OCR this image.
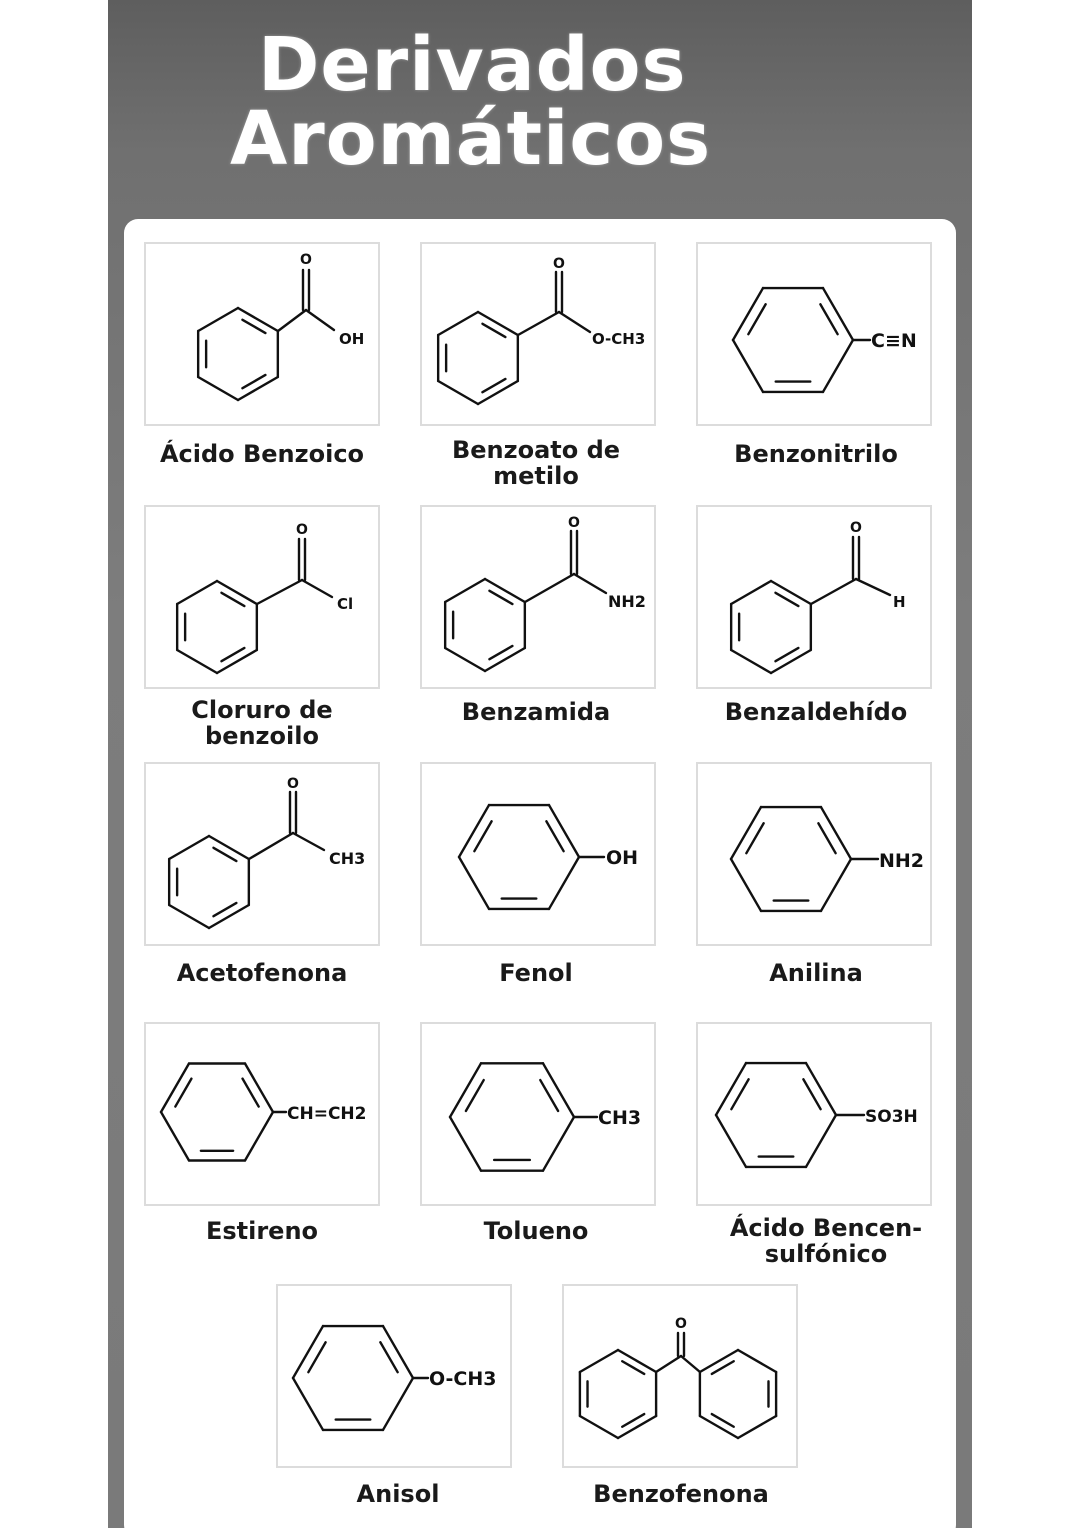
Derivados
Aromáticos
O
OH
Ácido Benzoico
O
O-CH3
Benzoato de
metilo
C≡N
Benzonitrilo
O
Cl
Cloruro de
benzoilo
O
NH2
Benzamida
O
H
Benzaldehído
O
CH3
Acetofenona
OH
Fenol
NH2
Anilina
CH=CH2
Estireno
CH3
Tolueno
SO3H
Ácido Bencen-
sulfónico
O-CH3
Anisol
O
Benzofenona
